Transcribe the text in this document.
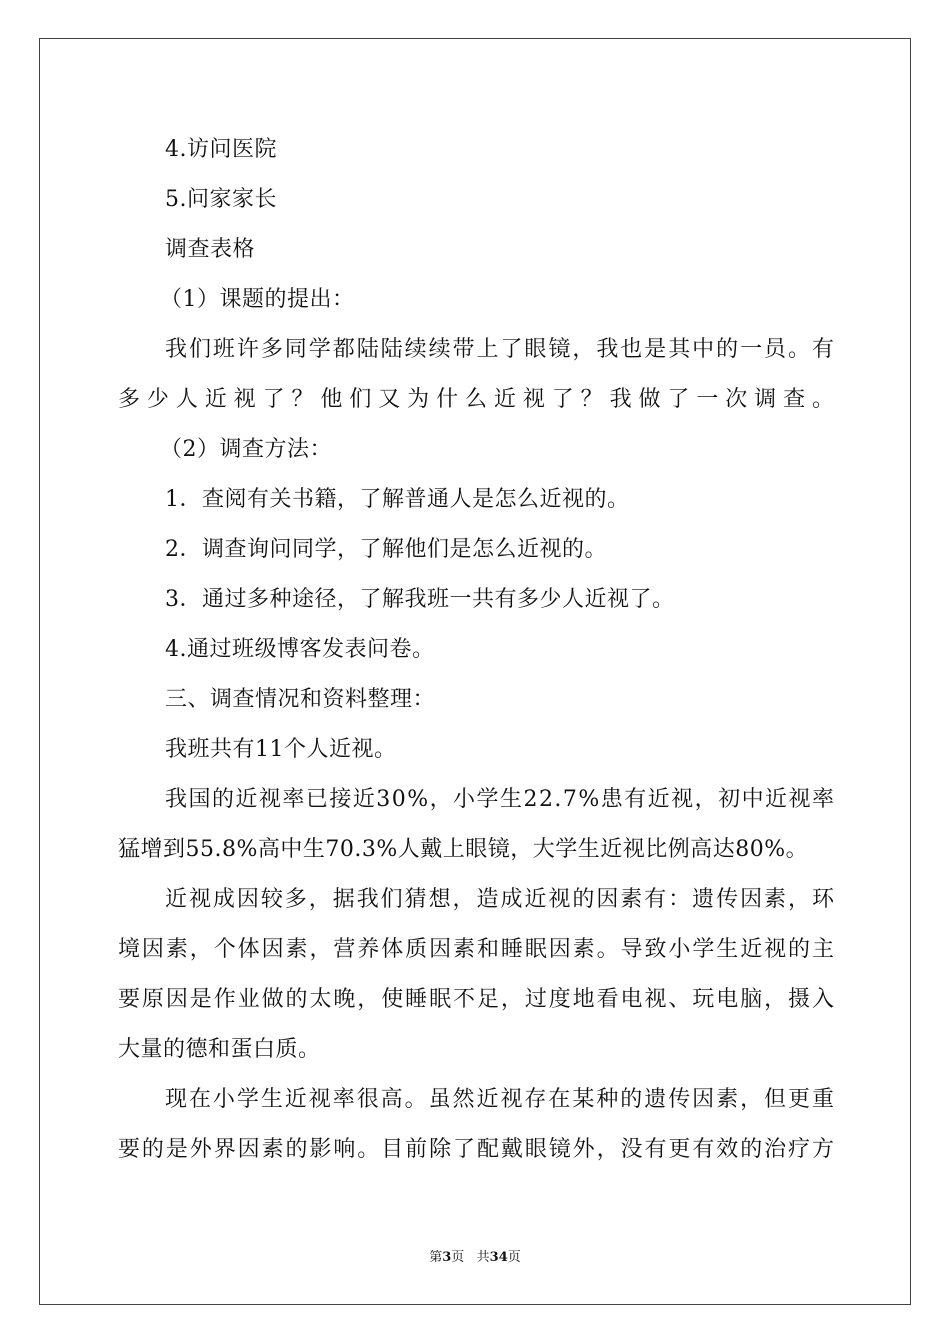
4.访问医院
5.问家家长
调查表格
（1）课题的提出：
我们班许多同学都陆陆续续带上了眼镜，我也是其中的一员。有
多少人近视了？他们又为什么近视了？我做了一次调查。
（2）调查方法：
1．查阅有关书籍，了解普通人是怎么近视的。
2．调查询问同学，了解他们是怎么近视的。
3．通过多种途径，了解我班一共有多少人近视了。
4.通过班级博客发表问卷。
三、调查情况和资料整理：
我班共有11个人近视。
我国的近视率已接近30%，小学生22.7%患有近视，初中近视率
猛增到55.8%高中生70.3%人戴上眼镜，大学生近视比例高达80%。
近视成因较多，据我们猜想，造成近视的因素有：遗传因素，环
境因素，个体因素，营养体质因素和睡眠因素。导致小学生近视的主
要原因是作业做的太晚，使睡眠不足，过度地看电视、玩电脑，摄入
大量的德和蛋白质。
现在小学生近视率很高。虽然近视存在某种的遗传因素，但更重
要的是外界因素的影响。目前除了配戴眼镜外，没有更有效的治疗方
第3页   共34页
